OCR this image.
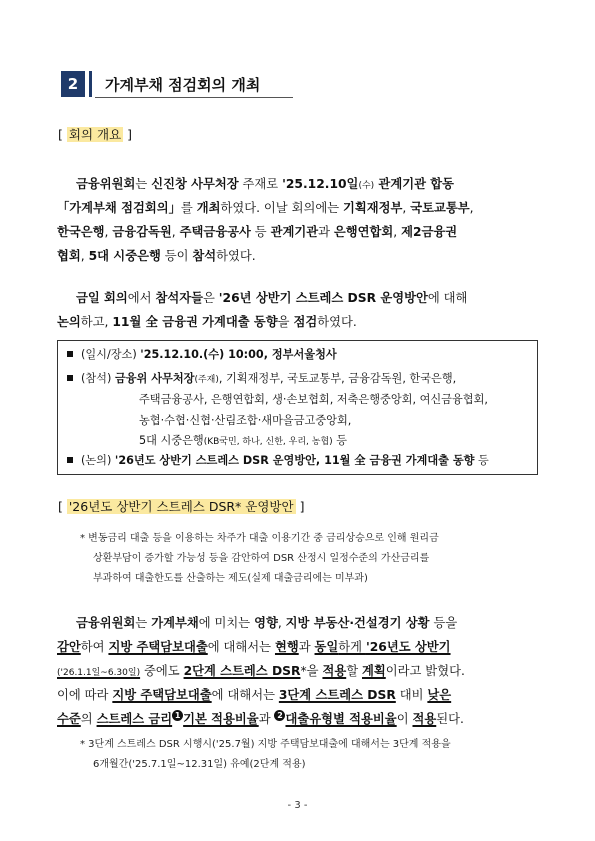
2	가계부채 점검회의 개최
[ 회의 개요 ]
금융위원회는 신진창 사무처장 주재로 '25.12.10일(수) 관계기관 합동
「가계부채 점검회의」를 개최하였다. 이날 회의에는 기획재정부, 국토교통부,
한국은행, 금융감독원, 주택금융공사 등 관계기관과 은행연합회, 제2금융권
협회, 5대 시중은행 등이 참석하였다.
금일 회의에서 참석자들은 '26년 상반기 스트레스 DSR 운영방안에 대해
논의하고, 11월 全 금융권 가계대출 동향을 점검하였다.
(일시/장소) '25.12.10.(수) 10:00, 정부서울청사
(참석) 금융위 사무처장(주재), 기획재정부, 국토교통부, 금융감독원, 한국은행,
주택금융공사, 은행연합회, 생·손보협회, 저축은행중앙회, 여신금융협회,
농협·수협·신협·산림조합·새마을금고중앙회,
5대 시중은행(KB국민, 하나, 신한, 우리, 농협) 등
(논의) '26년도 상반기 스트레스 DSR 운영방안, 11월 全 금융권 가계대출 동향 등
[ '26년도 상반기 스트레스 DSR* 운영방안 ]
* 변동금리 대출 등을 이용하는 차주가 대출 이용기간 중 금리상승으로 인해 원리금
상환부담이 증가할 가능성 등을 감안하여 DSR 산정시 일정수준의 가산금리를
부과하여 대출한도를 산출하는 제도(실제 대출금리에는 미부과)
금융위원회는 가계부채에 미치는 영향, 지방 부동산·건설경기 상황 등을
감안하여 지방 주택담보대출에 대해서는 현행과 동일하게 '26년도 상반기
('26.1.1일~6.30일) 중에도 2단계 스트레스 DSR*을 적용할 계획이라고 밝혔다.
이에 따라 지방 주택담보대출에 대해서는 3단계 스트레스 DSR 대비 낮은
수준의 스트레스 금리 1 기본 적용비율과 2 대출유형별 적용비율이 적용된다.
* 3단계 스트레스 DSR 시행시('25.7월) 지방 주택담보대출에 대해서는 3단계 적용을
6개월간('25.7.1일~12.31일) 유예(2단계 적용)
- 3 -
